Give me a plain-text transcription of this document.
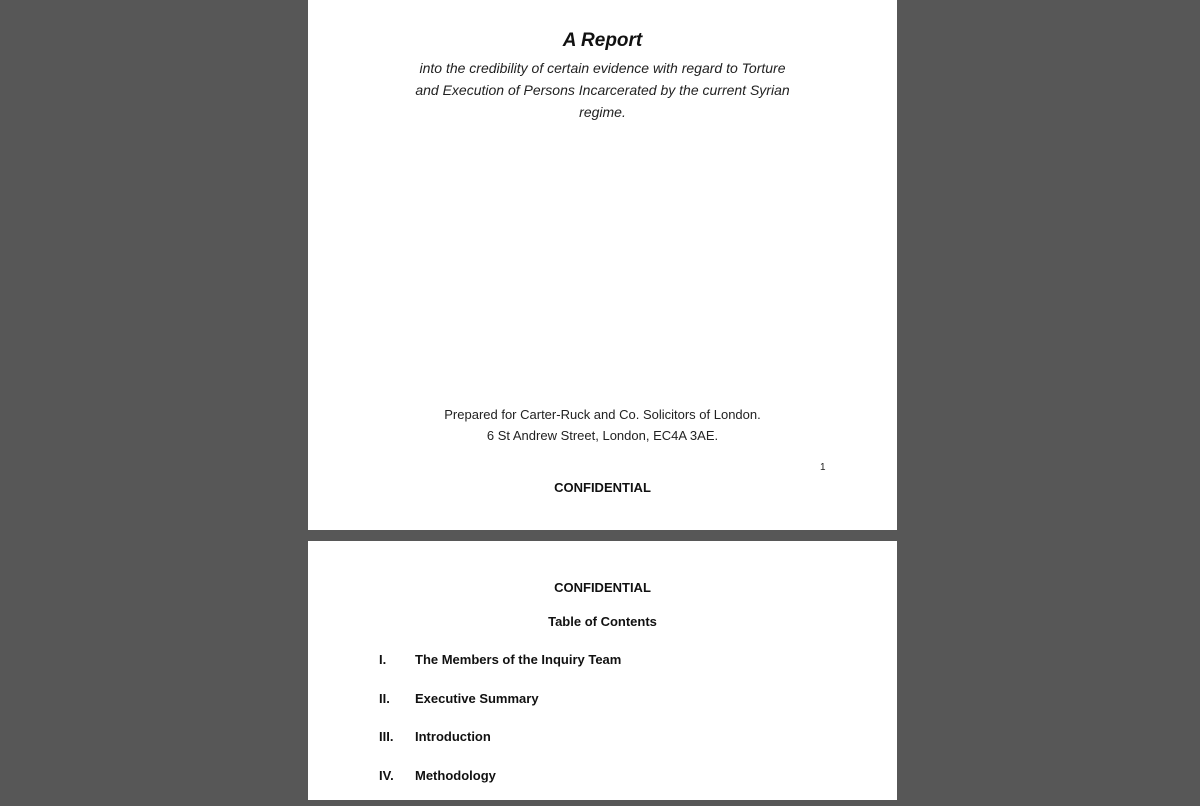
A Report
into the credibility of certain evidence with regard to Torture
and Execution of Persons Incarcerated by the current Syrian
regime.
Prepared for Carter-Ruck and Co. Solicitors of London.
6 St Andrew Street, London, EC4A 3AE.
1
CONFIDENTIAL
CONFIDENTIAL
Table of Contents
I.	The Members of the Inquiry Team
II.	Executive Summary
III.	Introduction
IV.	Methodology
